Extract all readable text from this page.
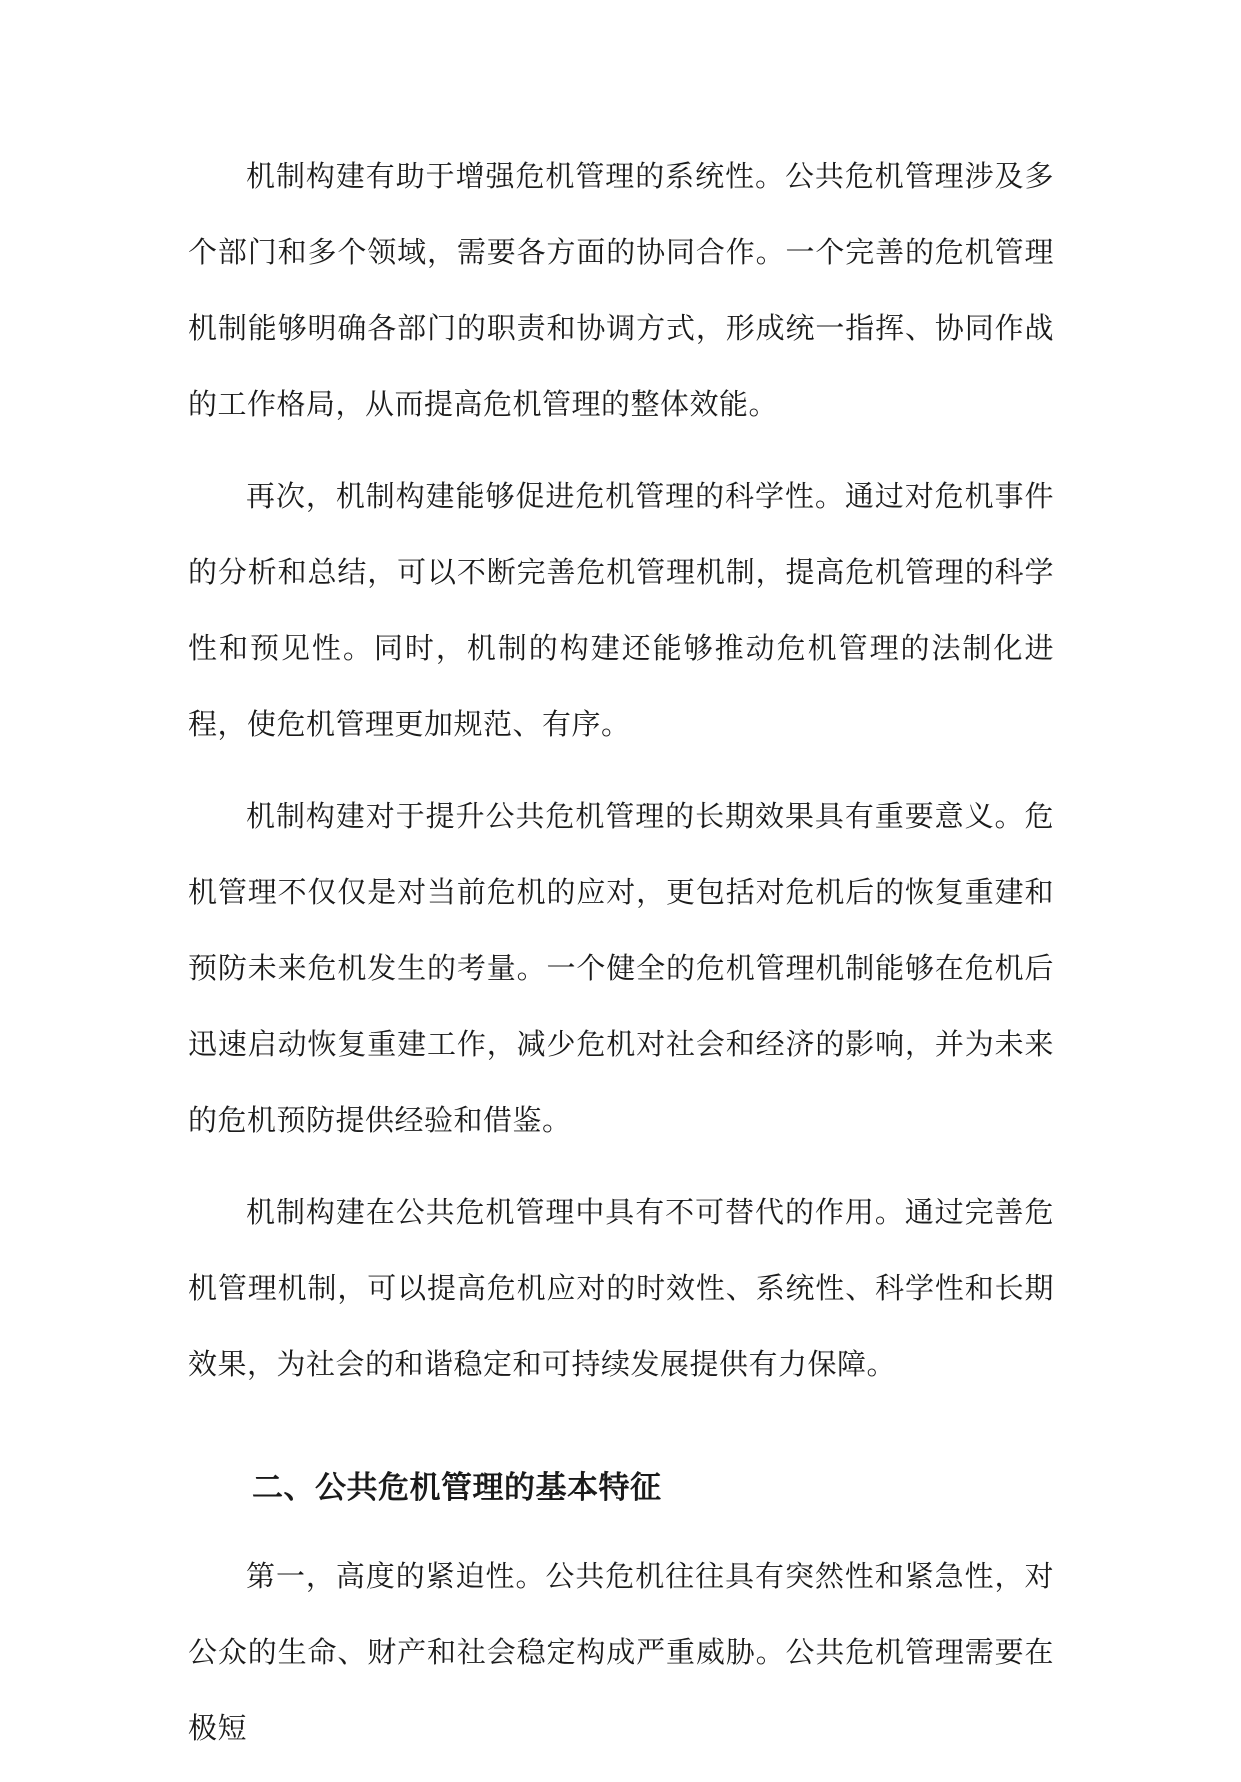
机制构建有助于增强危机管理的系统性。公共危机管理涉及多个部门和多个领域，需要各方面的协同合作。一个完善的危机管理机制能够明确各部门的职责和协调方式，形成统一指挥、协同作战的工作格局，从而提高危机管理的整体效能。

再次，机制构建能够促进危机管理的科学性。通过对危机事件的分析和总结，可以不断完善危机管理机制，提高危机管理的科学性和预见性。同时，机制的构建还能够推动危机管理的法制化进程，使危机管理更加规范、有序。

机制构建对于提升公共危机管理的长期效果具有重要意义。危机管理不仅仅是对当前危机的应对，更包括对危机后的恢复重建和预防未来危机发生的考量。一个健全的危机管理机制能够在危机后迅速启动恢复重建工作，减少危机对社会和经济的影响，并为未来的危机预防提供经验和借鉴。

机制构建在公共危机管理中具有不可替代的作用。通过完善危机管理机制，可以提高危机应对的时效性、系统性、科学性和长期效果，为社会的和谐稳定和可持续发展提供有力保障。

二、公共危机管理的基本特征

第一，高度的紧迫性。公共危机往往具有突然性和紧急性，对公众的生命、财产和社会稳定构成严重威胁。公共危机管理需要在极短
